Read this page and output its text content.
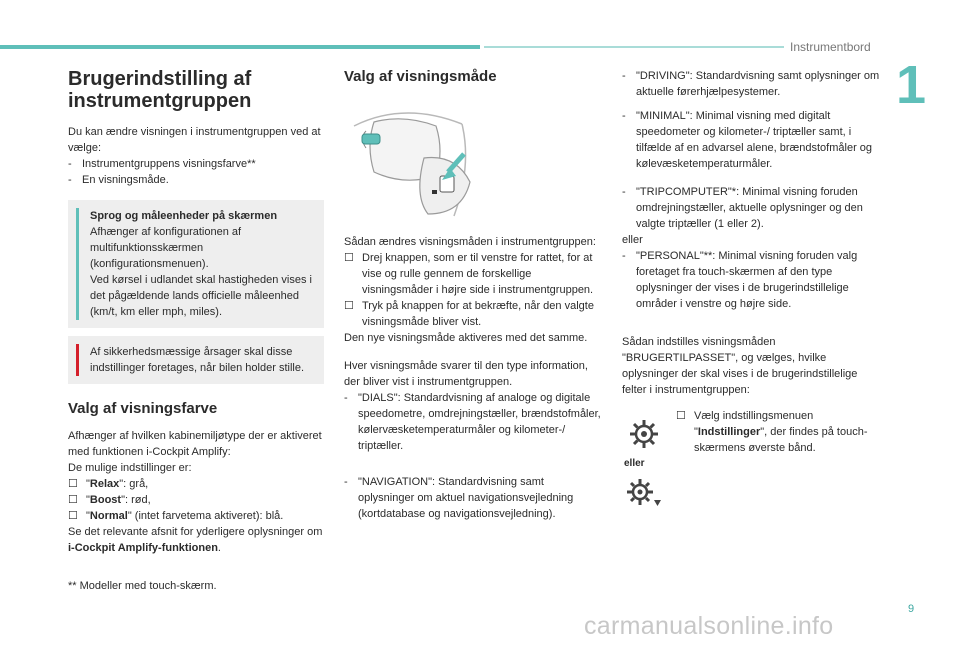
Instrumentbord
1
Brugerindstilling af instrumentgruppen

Du kan ændre visningen i instrumentgruppen ved at vælge:

- Instrumentgruppens visningsfarve**
- En visningsmåde.

Sprog og måleenheder på skærmen

Afhænger af konfigurationen af multifunktionsskærmen (konfigurationsmenuen).

Ved kørsel i udlandet skal hastigheden vises i det pågældende lands officielle måleenhed (km/t, km eller mph, miles).

Af sikkerhedsmæssige årsager skal disse indstillinger foretages, når bilen holder stille.

Valg af visningsfarve

Afhænger af hvilken kabinemiljøtype der er aktiveret med funktionen i-Cockpit Amplify:

De mulige indstillinger er:

☐ "Relax": grå,
☐ "Boost": rød,
☐ "Normal" (intet farvetema aktiveret): blå.

Se det relevante afsnit for yderligere oplysninger om i-Cockpit Amplify-funktionen.

** Modeller med touch-skærm.

Valg af visningsmåde

Sådan ændres visningsmåden i instrumentgruppen:

☐ Drej knappen, som er til venstre for rattet, for at vise og rulle gennem de forskellige visningsmåder i højre side i instrumentgruppen.
☐ Tryk på knappen for at bekræfte, når den valgte visningsmåde bliver vist.

Den nye visningsmåde aktiveres med det samme.

Hver visningsmåde svarer til den type information, der bliver vist i instrumentgruppen.

- "DIALS": Standardvisning af analoge og digitale speedometre, omdrejningstæller, brændstofmåler, kølervæsketemperaturmåler og kilometer-/ triptæller.
- "NAVIGATION": Standardvisning samt oplysninger om aktuel navigationsvejledning (kortdatabase og navigationsvejledning).
- "DRIVING": Standardvisning samt oplysninger om aktuelle førerhjælpesystemer.
- "MINIMAL": Minimal visning med digitalt speedometer og kilometer-/ triptæller samt, i tilfælde af en advarsel alene, brændstofmåler og kølevæsketemperaturmåler.
- "TRIPCOMPUTER"*: Minimal visning foruden omdrejningstæller, aktuelle oplysninger og den valgte triptæller (1 eller 2).

eller

- "PERSONAL"**: Minimal visning foruden valg foretaget fra touch-skærmen af den type oplysninger der vises i de brugerindstillelige områder i venstre og højre side.

Sådan indstilles visningsmåden "BRUGERTILPASSET", og vælges, hvilke oplysninger der skal vises i de brugerindstillelige felter i instrumentgruppen:

eller
☐ Vælg indstillingsmenuen "Indstillinger", der findes på touch-skærmens øverste bånd.
9
carmanualsonline.info
